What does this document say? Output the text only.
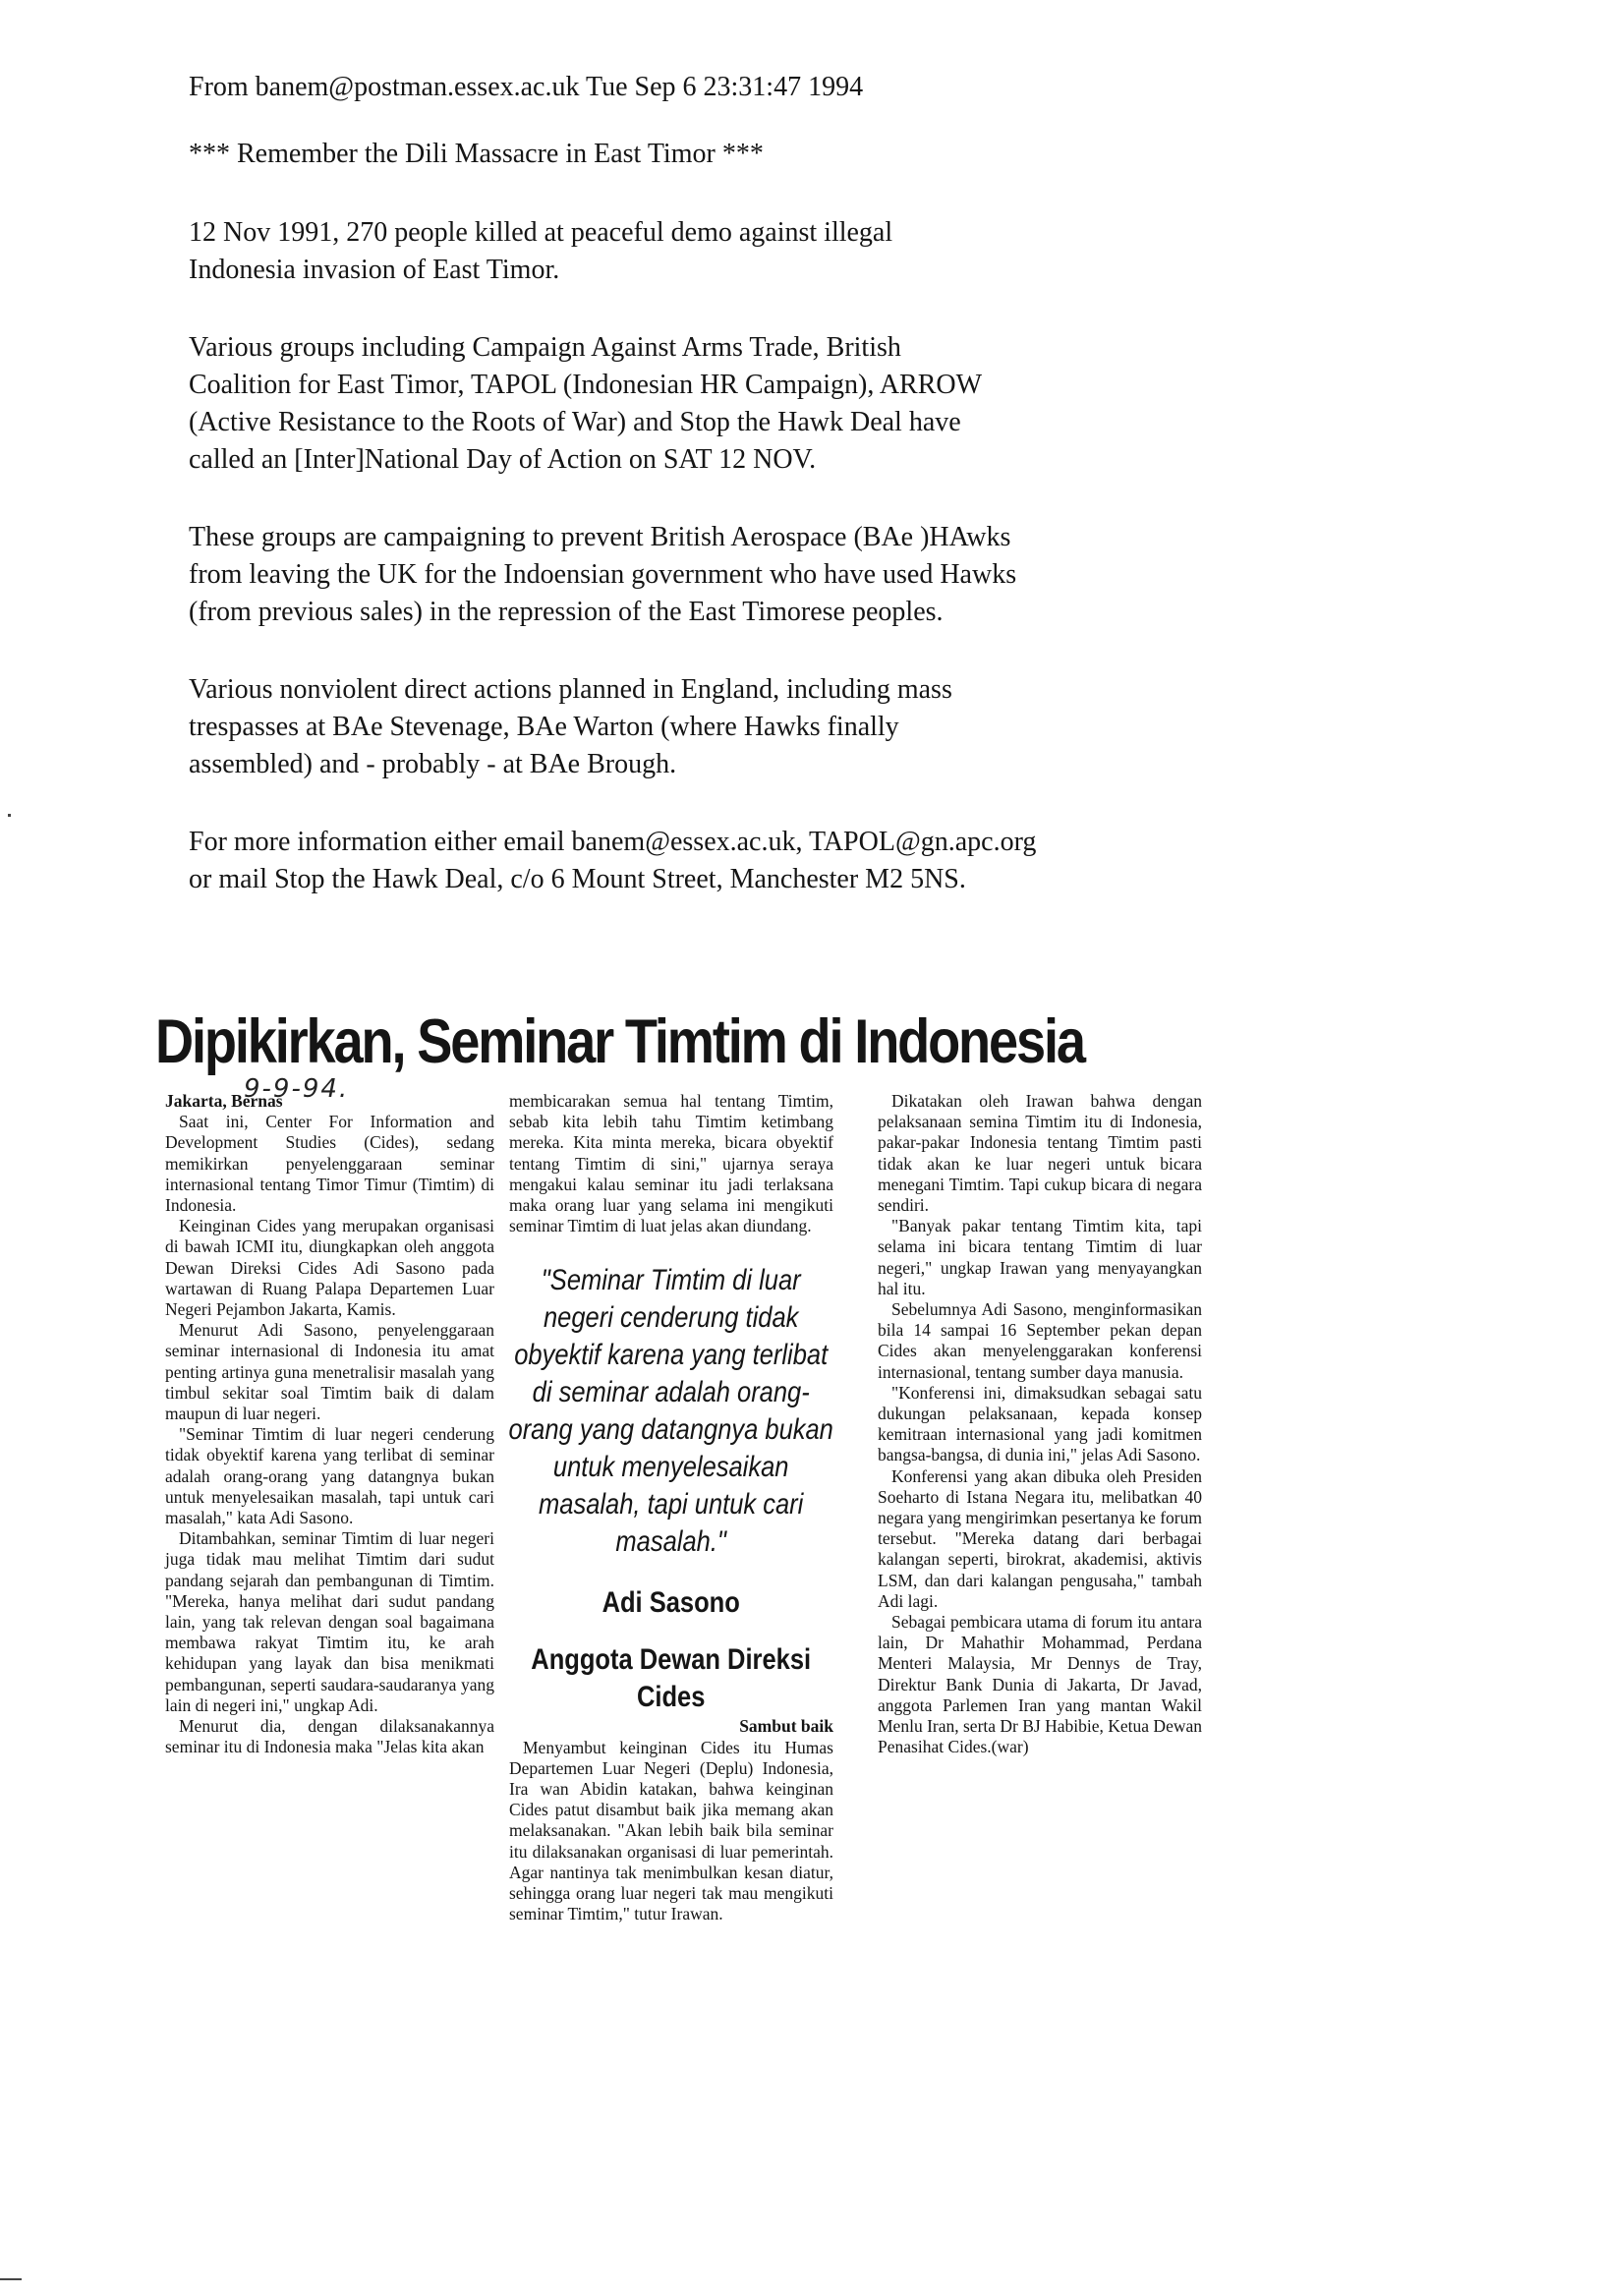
From banem@postman.essex.ac.uk Tue Sep 6 23:31:47 1994

*** Remember the Dili Massacre in East Timor ***

12 Nov 1991, 270 people killed at peaceful demo against illegal
Indonesia invasion of East Timor.

Various groups including Campaign Against Arms Trade, British
Coalition for East Timor, TAPOL (Indonesian HR Campaign), ARROW
(Active Resistance to the Roots of War) and Stop the Hawk Deal have
called an [Inter]National Day of Action on SAT 12 NOV.

These groups are campaigning to prevent British Aerospace (BAe )HAwks
from leaving the UK for the Indoensian government who have used Hawks
(from previous sales) in the repression of the East Timorese peoples.

Various nonviolent direct actions planned in England, including mass
trespasses at BAe Stevenage, BAe Warton (where Hawks finally
assembled) and - probably - at BAe Brough.

For more information either email banem@essex.ac.uk, TAPOL@gn.apc.org
or mail Stop the Hawk Deal, c/o 6 Mount Street, Manchester M2 5NS.

Dipikirkan, Seminar Timtim di Indonesia
9-9-94.

Jakarta, Bernas

Saat ini, Center For Information and Development Studies (Cides), sedang memikirkan penyelenggaraan seminar internasional tentang Timor Timur (Timtim) di Indonesia.

Keinginan Cides yang merupakan organisasi di bawah ICMI itu, diungkapkan oleh anggota Dewan Direksi Cides Adi Sasono pada wartawan di Ruang Palapa Departemen Luar Negeri Pejambon Jakarta, Kamis.

Menurut Adi Sasono, penyelenggaraan seminar internasional di Indonesia itu amat penting artinya guna menetralisir masalah yang timbul sekitar soal Timtim baik di dalam maupun di luar negeri.

"Seminar Timtim di luar negeri cenderung tidak obyektif karena yang terlibat di seminar adalah orang-orang yang datangnya bukan untuk menyelesaikan masalah, tapi untuk cari masalah," kata Adi Sasono.

Ditambahkan, seminar Timtim di luar negeri juga tidak mau melihat Timtim dari sudut pandang sejarah dan pembangunan di Timtim. "Mereka, hanya melihat dari sudut pandang lain, yang tak relevan dengan soal bagaimana membawa rakyat Timtim itu, ke arah kehidupan yang layak dan bisa menikmati pembangunan, seperti saudara-saudaranya yang lain di negeri ini," ungkap Adi.

Menurut dia, dengan dilaksanakannya seminar itu di Indonesia maka "Jelas kita akan

membicarakan semua hal tentang Timtim, sebab kita lebih tahu Timtim ketimbang mereka. Kita minta mereka, bicara obyektif tentang Timtim di sini," ujarnya seraya mengakui kalau seminar itu jadi terlaksana maka orang luar yang selama ini mengikuti seminar Timtim di luat jelas akan diundang.

"Seminar Timtim di luar negeri cenderung tidak obyektif karena yang terlibat di seminar adalah orang-orang yang datangnya bukan untuk menyelesaikan masalah, tapi untuk cari masalah."
Adi Sasono
Anggota Dewan Direksi Cides

Sambut baik

Menyambut keinginan Cides itu Humas Departemen Luar Negeri (Deplu) Indonesia, Ira wan Abidin katakan, bahwa keinginan Cides patut disambut baik jika memang akan melaksanakan. "Akan lebih baik bila seminar itu dilaksanakan organisasi di luar pemerintah. Agar nantinya tak menimbulkan kesan diatur, sehingga orang luar negeri tak mau mengikuti seminar Timtim," tutur Irawan.

Dikatakan oleh Irawan bahwa dengan pelaksanaan semina Timtim itu di Indonesia, pakar-pakar Indonesia tentang Timtim pasti tidak akan ke luar negeri untuk bicara menegani Timtim. Tapi cukup bicara di negara sendiri.

"Banyak pakar tentang Timtim kita, tapi selama ini bicara tentang Timtim di luar negeri," ungkap Irawan yang menyayangkan hal itu.

Sebelumnya Adi Sasono, menginformasikan bila 14 sampai 16 September pekan depan Cides akan menyelenggarakan konferensi internasional, tentang sumber daya manusia.

"Konferensi ini, dimaksudkan sebagai satu dukungan pelaksanaan, kepada konsep kemitraan internasional yang jadi komitmen bangsa-bangsa, di dunia ini," jelas Adi Sasono.

Konferensi yang akan dibuka oleh Presiden Soeharto di Istana Negara itu, melibatkan 40 negara yang mengirimkan pesertanya ke forum tersebut. "Mereka datang dari berbagai kalangan seperti, birokrat, akademisi, aktivis LSM, dan dari kalangan pengusaha," tambah Adi lagi.

Sebagai pembicara utama di forum itu antara lain, Dr Mahathir Mohammad, Perdana Menteri Malaysia, Mr Dennys de Tray, Direktur Bank Dunia di Jakarta, Dr Javad, anggota Parlemen Iran yang mantan Wakil Menlu Iran, serta Dr BJ Habibie, Ketua Dewan Penasihat Cides.(war)
